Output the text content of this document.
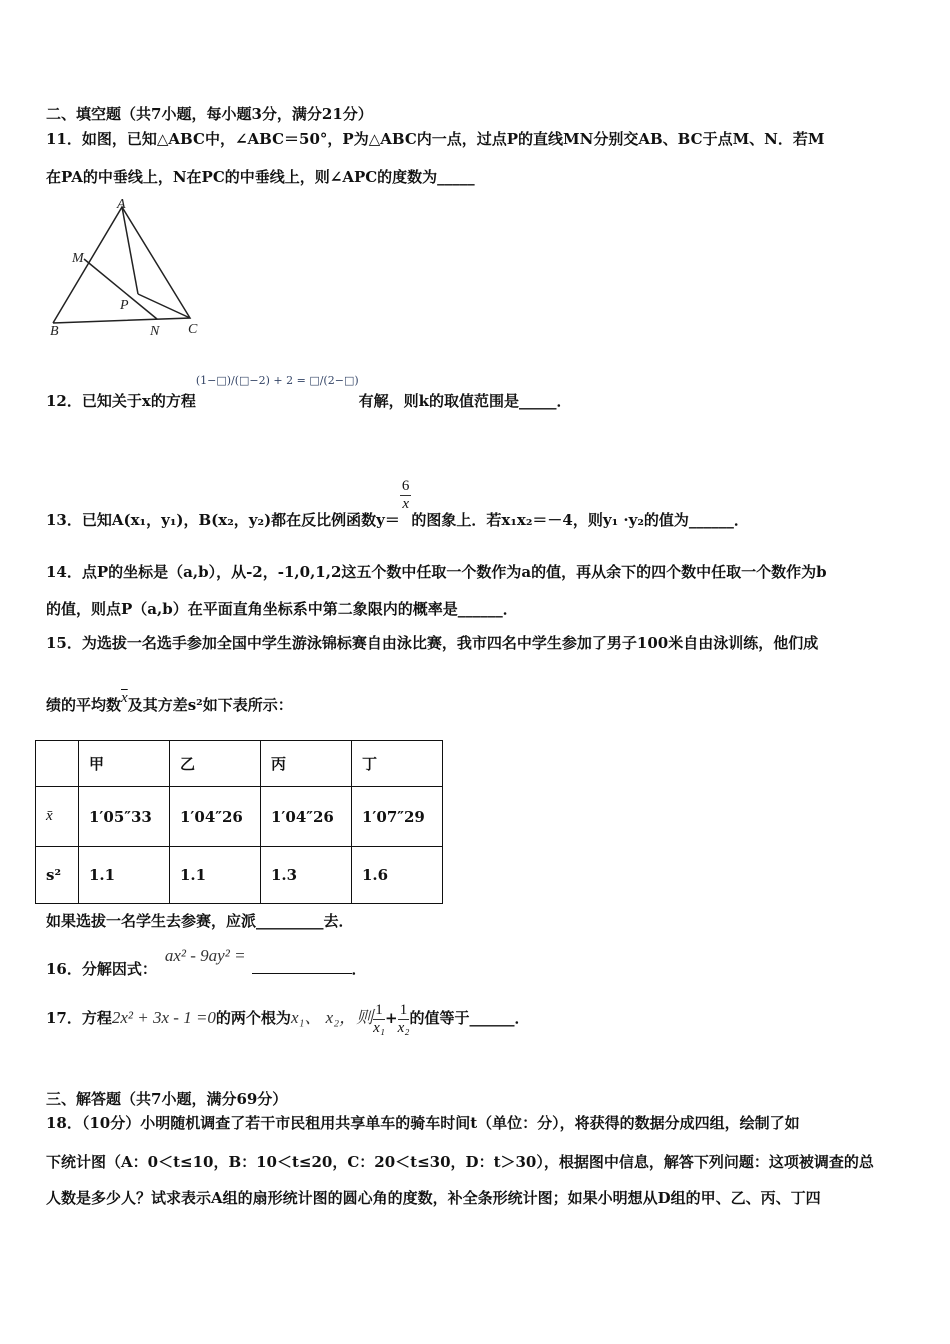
二、填空题（共7小题，每小题3分，满分21分）
11．如图，已知△ABC中，∠ABC＝50°，P为△ABC内一点，过点P的直线MN分别交AB、BC于点M、N．若M
在PA的中垂线上，N在PC的中垂线上，则∠APC的度数为_____
A
M
P
B	N C
12．已知关于x的方程$^{(1-□)/(□-2) + 2 = □/(2-□)}$有解，则k的取值范围是_____．
13．已知A(x₁，y₁)，B(x₂，y₂)都在反比例函数y＝
$\frac{6}{x}$
的图象上．若x₁x₂＝－4，则y₁ ·y₂的值为______．
14．点P的坐标是（a,b），从-2，-1,0,1,2这五个数中任取一个数作为a的值，再从余下的四个数中任取一个数作为b
的值，则点P（a,b）在平面直角坐标系中第二象限内的概率是______．
15．为选拔一名选手参加全国中学生游泳锦标赛自由泳比赛，我市四名中学生参加了男子100米自由泳训练，他们成
绩的平均数$\overline{x}$及其方差s²如下表所示：
	甲	乙	丙	丁
x̄	1′05″33	1′04″26	1′04″26	1′07″29
s²	1.1	1.1	1.3	1.6
如果选拔一名学生去参赛，应派_________去．
16．分解因式：ax² - 9ay² =．
17．方程2x² + 3x - 1 =0的两个根为x₁、 x₂，则 $\frac{1}{\text{x₁}} + \frac{1}{\text{x₂}}$ 的值等于______．
三、解答题（共7小题，满分69分）
18．（10分）小明随机调查了若干市民租用共享单车的骑车时间t（单位：分），将获得的数据分成四组，绘制了如
下统计图（A：0＜t≤10，B：10＜t≤20，C：20＜t≤30，D：t＞30），根据图中信息，解答下列问题：这项被调查的总
人数是多少人？试求表示A组的扇形统计图的圆心角的度数，补全条形统计图；如果小明想从D组的甲、乙、丙、丁四
